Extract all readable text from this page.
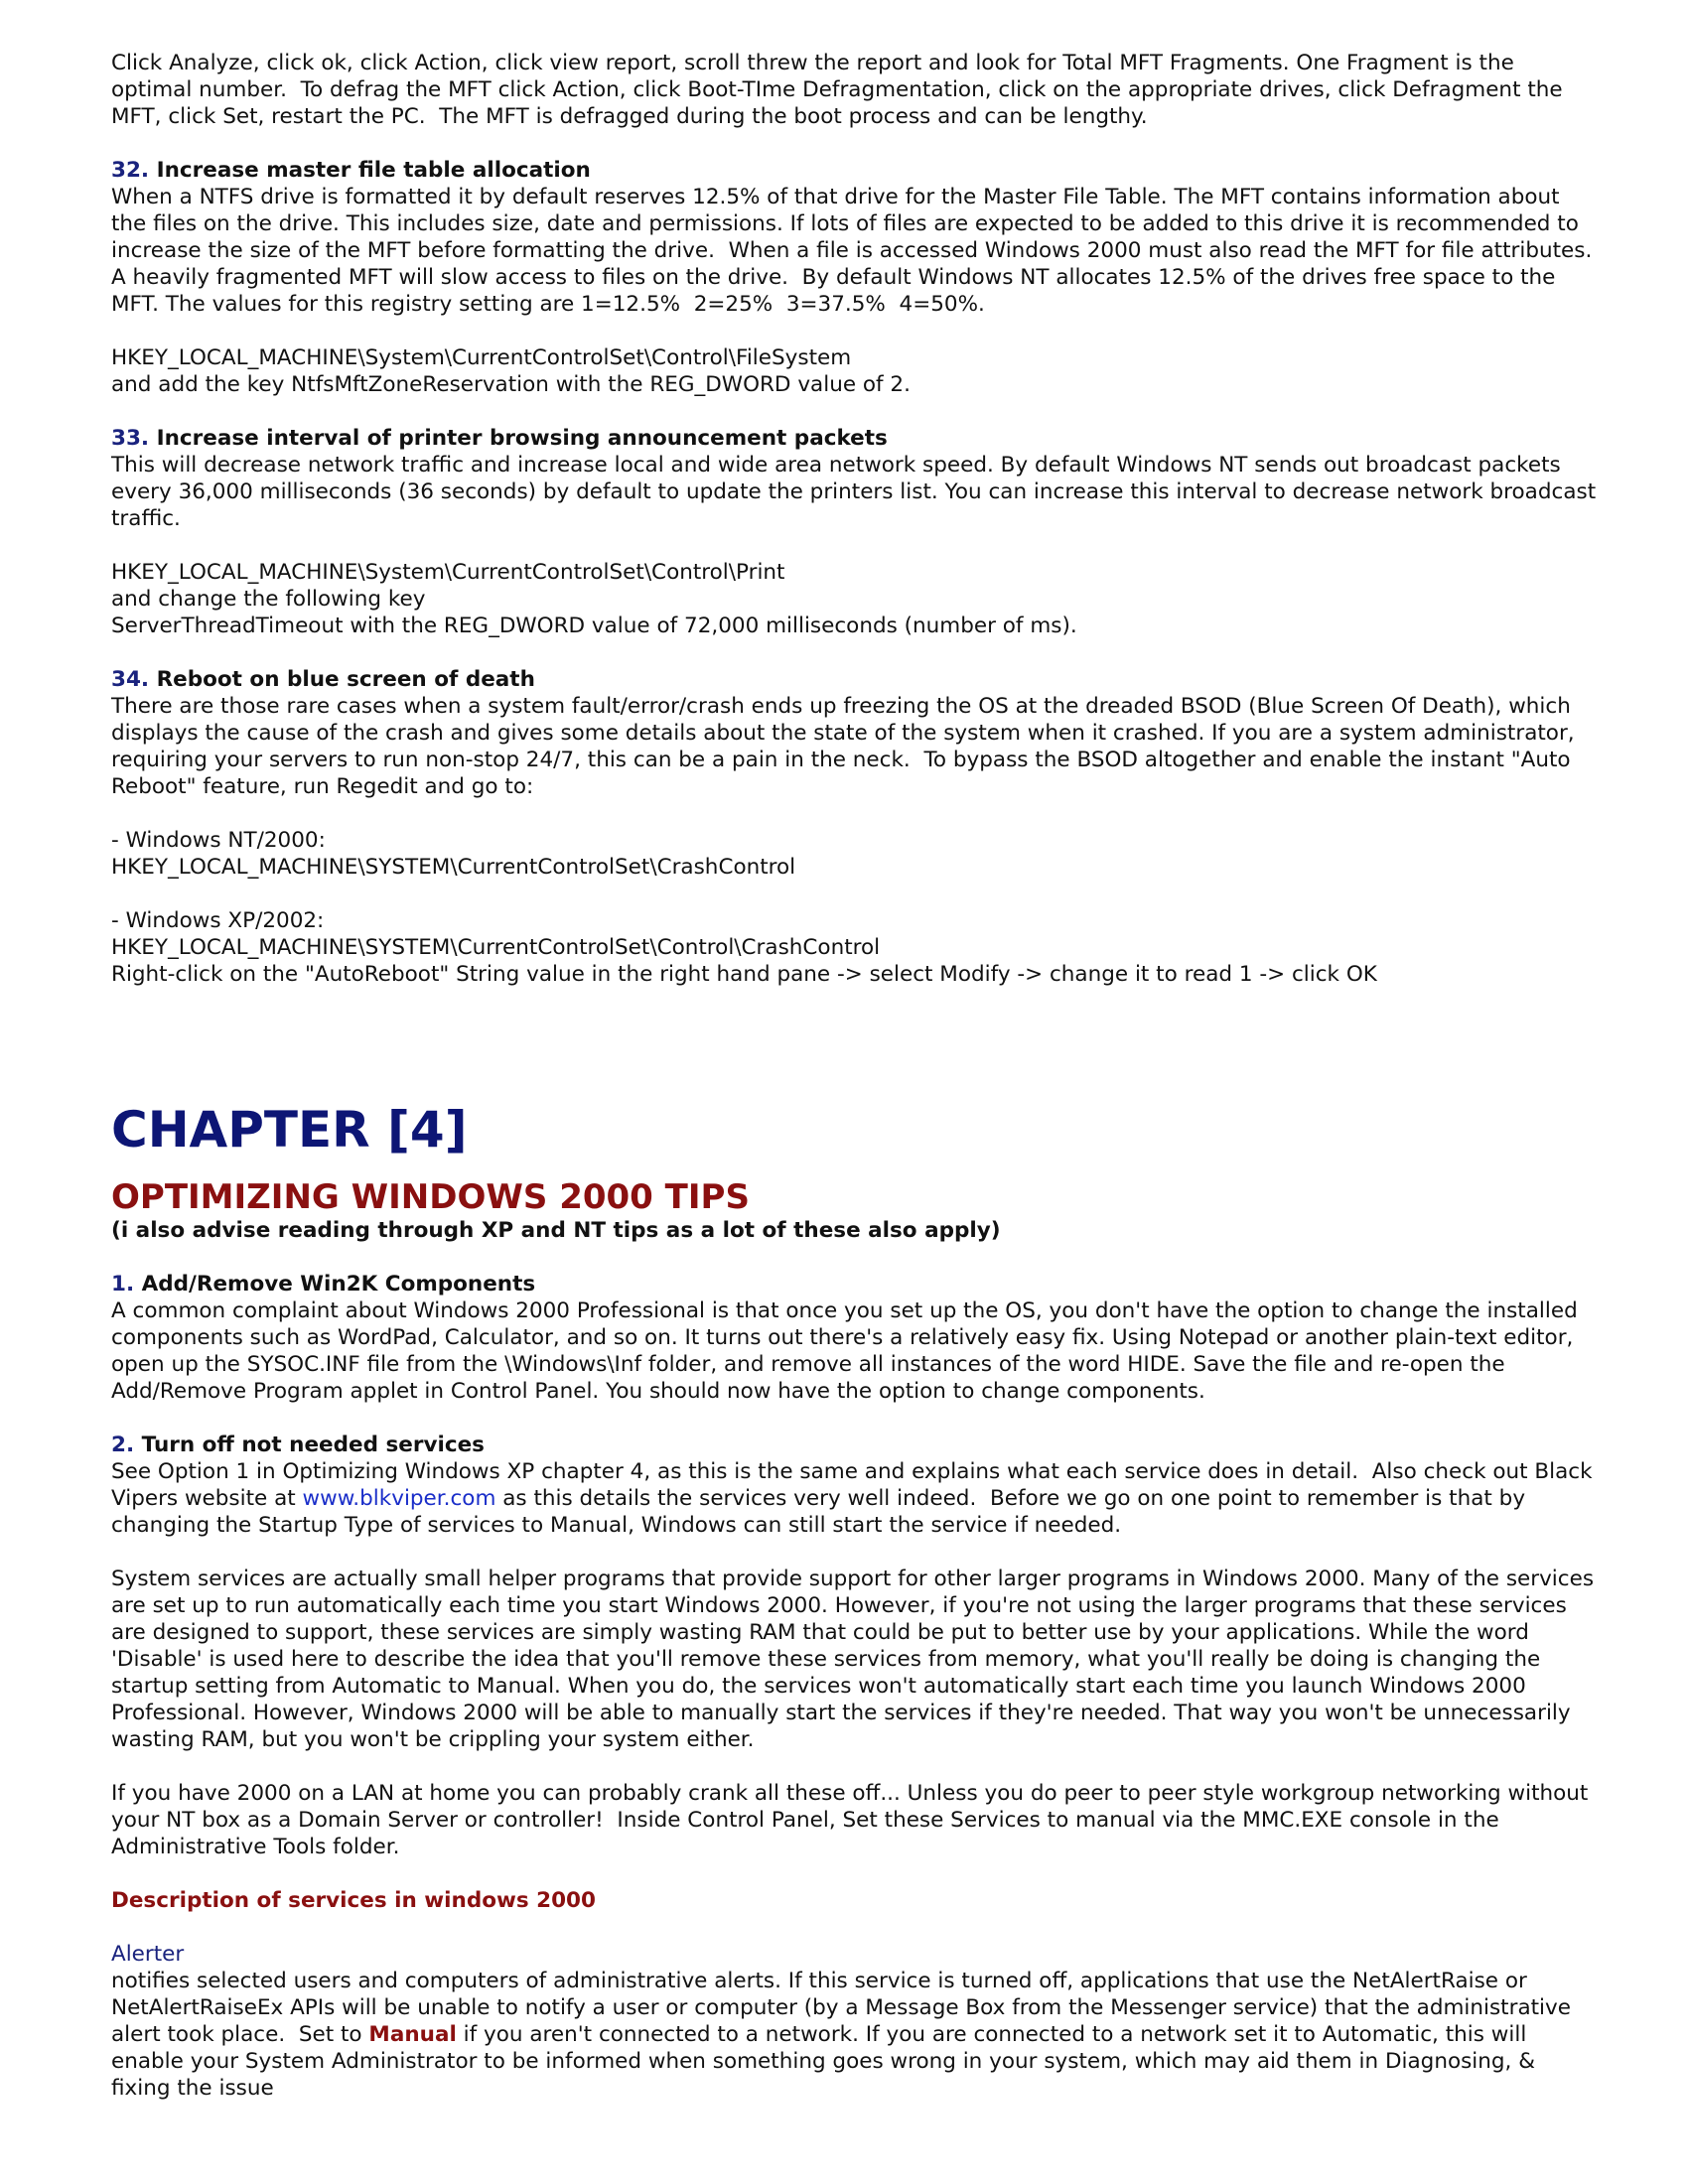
Click Analyze, click ok, click Action, click view report, scroll threw the report and look for Total MFT Fragments. One Fragment is the optimal number.  To defrag the MFT click Action, click Boot-TIme Defragmentation, click on the appropriate drives, click Defragment the MFT, click Set, restart the PC.  The MFT is defragged during the boot process and can be lengthy.

32. Increase master file table allocation

When a NTFS drive is formatted it by default reserves 12.5% of that drive for the Master File Table. The MFT contains information about the files on the drive. This includes size, date and permissions. If lots of files are expected to be added to this drive it is recommended to increase the size of the MFT before formatting the drive.  When a file is accessed Windows 2000 must also read the MFT for file attributes. A heavily fragmented MFT will slow access to files on the drive.  By default Windows NT allocates 12.5% of the drives free space to the MFT. The values for this registry setting are 1=12.5%  2=25%  3=37.5%  4=50%.

HKEY_LOCAL_MACHINE\System\CurrentControlSet\Control\FileSystem

and add the key NtfsMftZoneReservation with the REG_DWORD value of 2.

33. Increase interval of printer browsing announcement packets

This will decrease network traffic and increase local and wide area network speed. By default Windows NT sends out broadcast packets every 36,000 milliseconds (36 seconds) by default to update the printers list. You can increase this interval to decrease network broadcast traffic.

HKEY_LOCAL_MACHINE\System\CurrentControlSet\Control\Print

and change the following key

ServerThreadTimeout with the REG_DWORD value of 72,000 milliseconds (number of ms).

34. Reboot on blue screen of death

There are those rare cases when a system fault/error/crash ends up freezing the OS at the dreaded BSOD (Blue Screen Of Death), which displays the cause of the crash and gives some details about the state of the system when it crashed. If you are a system administrator, requiring your servers to run non-stop 24/7, this can be a pain in the neck.  To bypass the BSOD altogether and enable the instant "Auto Reboot" feature, run Regedit and go to:

- Windows NT/2000:

HKEY_LOCAL_MACHINE\SYSTEM\CurrentControlSet\CrashControl

- Windows XP/2002:

HKEY_LOCAL_MACHINE\SYSTEM\CurrentControlSet\Control\CrashControl

Right-click on the "AutoReboot" String value in the right hand pane -> select Modify -> change it to read 1 -> click OK

CHAPTER [4]
OPTIMIZING WINDOWS 2000 TIPS

(i also advise reading through XP and NT tips as a lot of these also apply)

1. Add/Remove Win2K Components

A common complaint about Windows 2000 Professional is that once you set up the OS, you don't have the option to change the installed components such as WordPad, Calculator, and so on. It turns out there's a relatively easy fix. Using Notepad or another plain-text editor, open up the SYSOC.INF file from the \Windows\Inf folder, and remove all instances of the word HIDE. Save the file and re-open the Add/Remove Program applet in Control Panel. You should now have the option to change components.

2. Turn off not needed services

See Option 1 in Optimizing Windows XP chapter 4, as this is the same and explains what each service does in detail.  Also check out Black Vipers website at www.blkviper.com as this details the services very well indeed.  Before we go on one point to remember is that by changing the Startup Type of services to Manual, Windows can still start the service if needed.

System services are actually small helper programs that provide support for other larger programs in Windows 2000. Many of the services are set up to run automatically each time you start Windows 2000. However, if you're not using the larger programs that these services are designed to support, these services are simply wasting RAM that could be put to better use by your applications. While the word 'Disable' is used here to describe the idea that you'll remove these services from memory, what you'll really be doing is changing the startup setting from Automatic to Manual. When you do, the services won't automatically start each time you launch Windows 2000 Professional. However, Windows 2000 will be able to manually start the services if they're needed. That way you won't be unnecessarily wasting RAM, but you won't be crippling your system either.

If you have 2000 on a LAN at home you can probably crank all these off... Unless you do peer to peer style workgroup networking without your NT box as a Domain Server or controller!  Inside Control Panel, Set these Services to manual via the MMC.EXE console in the Administrative Tools folder.

Description of services in windows 2000

Alerter

notifies selected users and computers of administrative alerts. If this service is turned off, applications that use the NetAlertRaise or NetAlertRaiseEx APIs will be unable to notify a user or computer (by a Message Box from the Messenger service) that the administrative alert took place.  Set to Manual if you aren't connected to a network. If you are connected to a network set it to Automatic, this will enable your System Administrator to be informed when something goes wrong in your system, which may aid them in Diagnosing, & fixing the issue
